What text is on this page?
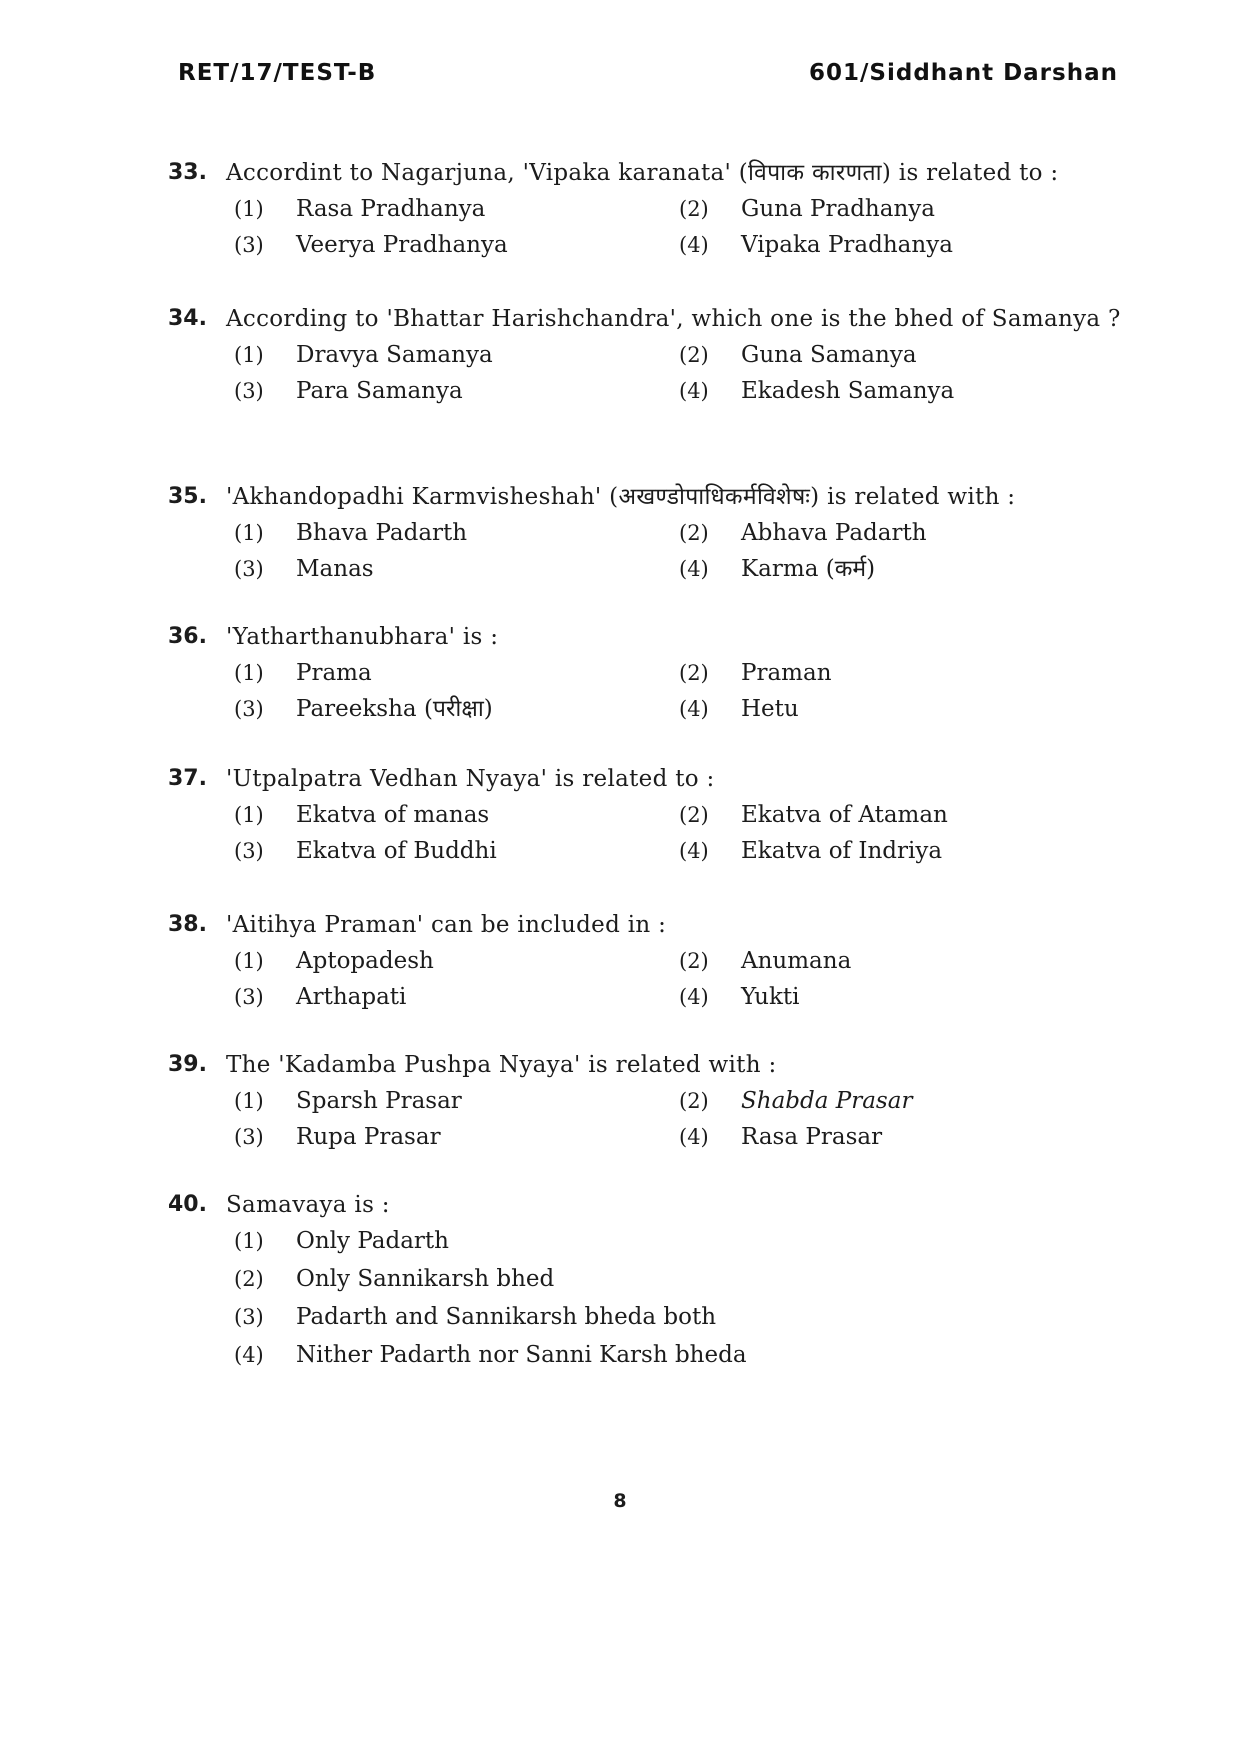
RET/17/TEST-B	601/Siddhant Darshan
33. Accordint to Nagarjuna, 'Vipaka karanata' (विपाक कारणता) is related to :
(1)	Rasa Pradhanya	(2)	Guna Pradhanya
(3)	Veerya Pradhanya	(4)	Vipaka Pradhanya
34. According to 'Bhattar Harishchandra', which one is the bhed of Samanya ?
(1)	Dravya Samanya	(2)	Guna Samanya
(3)	Para Samanya	(4)	Ekadesh Samanya
35. 'Akhandopadhi Karmvisheshah' (अखण्डोपाधिकर्मविशेषः) is related with :
(1)	Bhava Padarth	(2)	Abhava Padarth
(3)	Manas	(4)	Karma (कर्म)
36. 'Yatharthanubhara' is :
(1)	Prama	(2)	Praman
(3)	Pareeksha (परीक्षा)	(4)	Hetu
37. 'Utpalpatra Vedhan Nyaya' is related to :
(1)	Ekatva of manas	(2)	Ekatva of Ataman
(3)	Ekatva of Buddhi	(4)	Ekatva of Indriya
38. 'Aitihya Praman' can be included in :
(1)	Aptopadesh	(2)	Anumana
(3)	Arthapati	(4)	Yukti
39. The 'Kadamba Pushpa Nyaya' is related with :
(1)	Sparsh Prasar	(2)	Shabda Prasar
(3)	Rupa Prasar	(4)	Rasa Prasar
40. Samavaya is :
(1)	Only Padarth
(2)	Only Sannikarsh bhed
(3)	Padarth and Sannikarsh bheda both
(4)	Nither Padarth nor Sanni Karsh bheda
8
